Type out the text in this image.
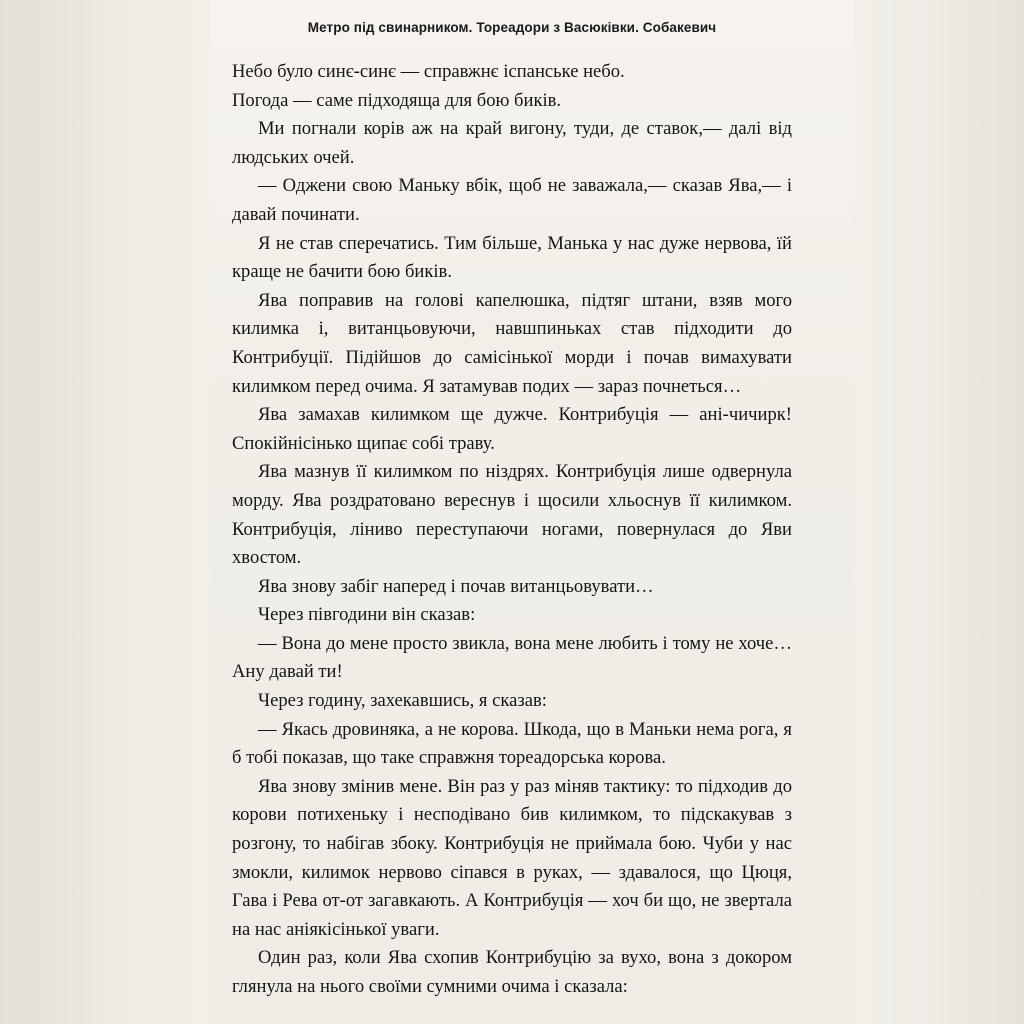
Метро під свинарником. Тореадори з Васюківки. Собакевич

Небо було синє-синє — справжнє іспанське небо.

Погода — саме підходяща для бою биків.

Ми погнали корів аж на край вигону, туди, де ставок,— далі від людських очей.

— Оджени свою Маньку вбік, щоб не заважала,— сказав Ява,— і давай починати.

Я не став сперечатись. Тим більше, Манька у нас дуже нервова, їй краще не бачити бою биків.

Ява поправив на голові капелюшка, підтяг штани, взяв мого килимка і, витанцьовуючи, навшпиньках став підходити до Контрибуції. Підійшов до самісінької морди і почав вимахувати килимком перед очима. Я затамував подих — зараз почнеться…

Ява замахав килимком ще дужче. Контрибуція — ані-чичирк! Спокійнісінько щипає собі траву.

Ява мазнув її килимком по ніздрях. Контрибуція лише одвернула морду. Ява роздратовано вереснув і щосили хльоснув її килимком. Контрибуція, ліниво переступаючи ногами, повернулася до Яви хвостом.

Ява знову забіг наперед і почав витанцьовувати…

Через півгодини він сказав:

— Вона до мене просто звикла, вона мене любить і тому не хоче… Ану давай ти!

Через годину, захекавшись, я сказав:

— Якась дровиняка, а не корова. Шкода, що в Маньки нема рога, я б тобі показав, що таке справжня тореадорська корова.

Ява знову змінив мене. Він раз у раз міняв тактику: то підходив до корови потихеньку і несподівано бив килимком, то підскакував з розгону, то набігав збоку. Контрибуція не приймала бою. Чуби у нас змокли, килимок нервово сіпався в руках, — здавалося, що Цюця, Гава і Рева от-от загавкають. А Контрибуція — хоч би що, не звертала на нас аніякісінької уваги.

Один раз, коли Ява схопив Контрибуцію за вухо, вона з докором глянула на нього своїми сумними очима і сказала:
